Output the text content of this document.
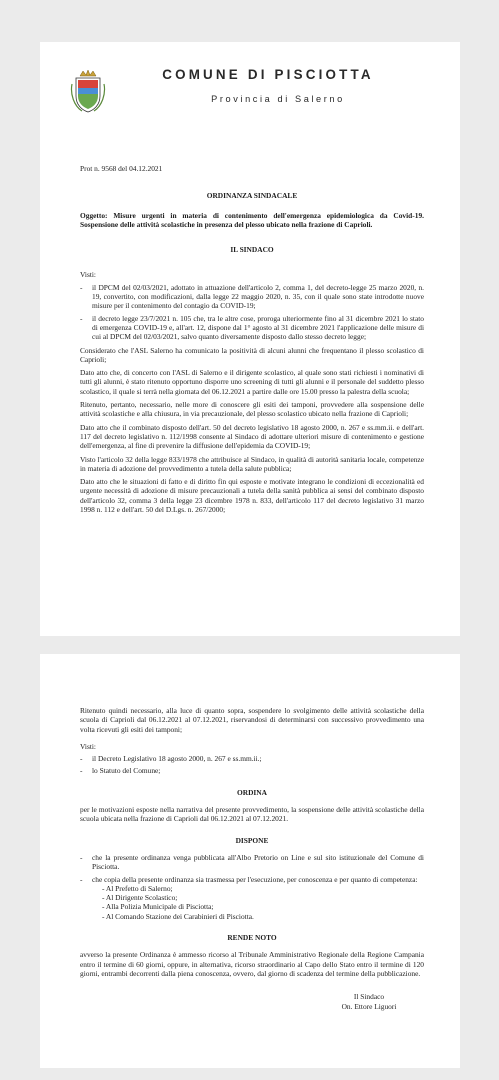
COMUNE DI PISCIOTTA
Provincia di Salerno

Prot n. 9568 del 04.12.2021

ORDINANZA SINDACALE

Oggetto: Misure urgenti in materia di contenimento dell'emergenza epidemiologica da Covid-19. Sospensione delle attività scolastiche in presenza del plesso ubicato nella frazione di Caprioli.

IL SINDACO

Visti:

- il DPCM del 02/03/2021, adottato in attuazione dell'articolo 2, comma 1, del decreto-legge 25 marzo 2020, n. 19, convertito, con modificazioni, dalla legge 22 maggio 2020, n. 35, con il quale sono state introdotte nuove misure per il contenimento del contagio da COVID-19;
- il decreto legge 23/7/2021 n. 105 che, tra le altre cose, proroga ulteriormente fino al 31 dicembre 2021 lo stato di emergenza COVID-19 e, all'art. 12, dispone dal 1° agosto al 31 dicembre 2021 l'applicazione delle misure di cui al DPCM del 02/03/2021, salvo quanto diversamente disposto dallo stesso decreto legge;

Considerato che l'ASL Salerno ha comunicato la positività di alcuni alunni che frequentano il plesso scolastico di Caprioli;

Dato atto che, di concerto con l'ASL di Salerno e il dirigente scolastico, al quale sono stati richiesti i nominativi di tutti gli alunni, è stato ritenuto opportuno disporre uno screening di tutti gli alunni e il personale del suddetto plesso scolastico, il quale si terrà nella giornata del 06.12.2021 a partire dalle ore 15.00 presso la palestra della scuola;

Ritenuto, pertanto, necessario, nelle more di conoscere gli esiti dei tamponi, provvedere alla sospensione delle attività scolastiche e alla chiusura, in via precauzionale, del plesso scolastico ubicato nella frazione di Caprioli;

Dato atto che il combinato disposto dell'art. 50 del decreto legislativo 18 agosto 2000, n. 267 e ss.mm.ii. e dell'art. 117 del decreto legislativo n. 112/1998 consente al Sindaco di adottare ulteriori misure di contenimento e gestione dell'emergenza, al fine di prevenire la diffusione dell'epidemia da COVID-19;

Visto l'articolo 32 della legge 833/1978 che attribuisce al Sindaco, in qualità di autorità sanitaria locale, competenze in materia di adozione del provvedimento a tutela della salute pubblica;

Dato atto che le situazioni di fatto e di diritto fin qui esposte e motivate integrano le condizioni di eccezionalità ed urgente necessità di adozione di misure precauzionali a tutela della sanità pubblica ai sensi del combinato disposto dell'articolo 32, comma 3 della legge 23 dicembre 1978 n. 833, dell'articolo 117 del decreto legislativo 31 marzo 1998 n. 112 e dell'art. 50 del D.Lgs. n. 267/2000;

Ritenuto quindi necessario, alla luce di quanto sopra, sospendere lo svolgimento delle attività scolastiche della scuola di Caprioli dal 06.12.2021 al 07.12.2021, riservandosi di determinarsi con successivo provvedimento una volta ricevuti gli esiti dei tamponi;

Visti:

- il Decreto Legislativo 18 agosto 2000, n. 267 e ss.mm.ii.;
- lo Statuto del Comune;

ORDINA

per le motivazioni esposte nella narrativa del presente provvedimento, la sospensione delle attività scolastiche della scuola ubicata nella frazione di Caprioli dal 06.12.2021 al 07.12.2021.

DISPONE

- che la presente ordinanza venga pubblicata all'Albo Pretorio on Line e sul sito istituzionale del Comune di Pisciotta.
- che copia della presente ordinanza sia trasmessa per l'esecuzione, per conoscenza e per quanto di competenza:
- Al Prefetto di Salerno;
- Al Dirigente Scolastico;
- Alla Polizia Municipale di Pisciotta;
- Al Comando Stazione dei Carabinieri di Pisciotta.

RENDE NOTO

avverso la presente Ordinanza è ammesso ricorso al Tribunale Amministrativo Regionale della Regione Campania entro il termine di 60 giorni, oppure, in alternativa, ricorso straordinario al Capo dello Stato entro il termine di 120 giorni, entrambi decorrenti dalla piena conoscenza, ovvero, dal giorno di scadenza del termine della pubblicazione.

Il Sindaco
On. Ettore Liguori
